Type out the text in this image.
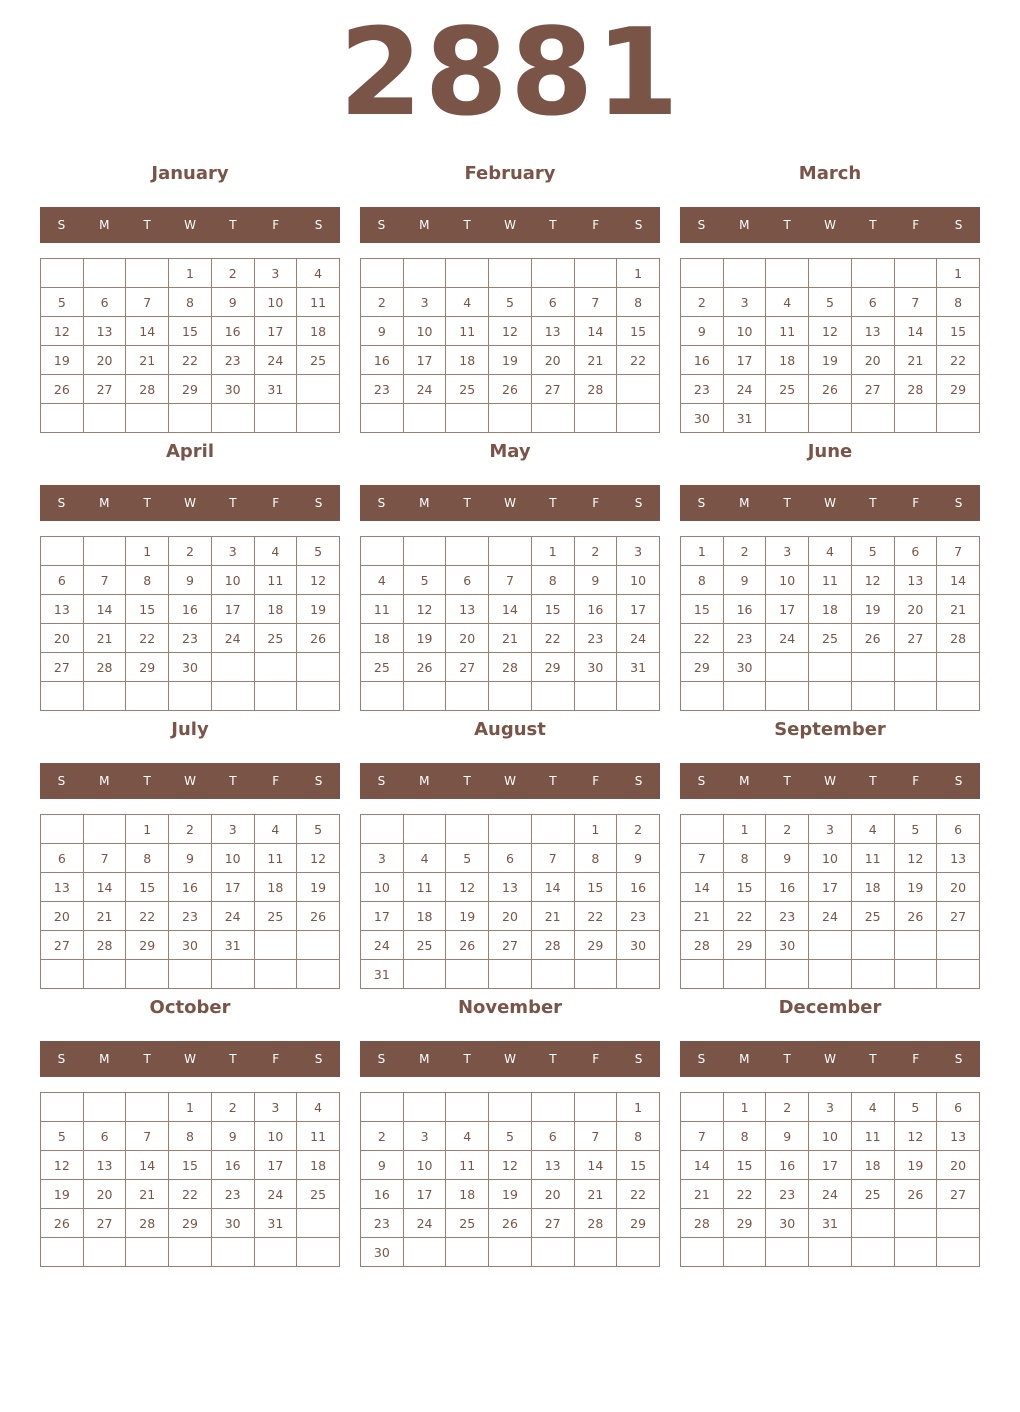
2881
January
S	M	T	W	T	F	S
			1	2	3	4
5	6	7	8	9	10	11
12	13	14	15	16	17	18
19	20	21	22	23	24	25
26	27	28	29	30	31	

February
S	M	T	W	T	F	S
						1
2	3	4	5	6	7	8
9	10	11	12	13	14	15
16	17	18	19	20	21	22
23	24	25	26	27	28	

March
S	M	T	W	T	F	S
						1
2	3	4	5	6	7	8
9	10	11	12	13	14	15
16	17	18	19	20	21	22
23	24	25	26	27	28	29
30	31					
April
S	M	T	W	T	F	S
		1	2	3	4	5
6	7	8	9	10	11	12
13	14	15	16	17	18	19
20	21	22	23	24	25	26
27	28	29	30			

May
S	M	T	W	T	F	S
				1	2	3
4	5	6	7	8	9	10
11	12	13	14	15	16	17
18	19	20	21	22	23	24
25	26	27	28	29	30	31

June
S	M	T	W	T	F	S
1	2	3	4	5	6	7
8	9	10	11	12	13	14
15	16	17	18	19	20	21
22	23	24	25	26	27	28
29	30					

July
S	M	T	W	T	F	S
		1	2	3	4	5
6	7	8	9	10	11	12
13	14	15	16	17	18	19
20	21	22	23	24	25	26
27	28	29	30	31		

August
S	M	T	W	T	F	S
					1	2
3	4	5	6	7	8	9
10	11	12	13	14	15	16
17	18	19	20	21	22	23
24	25	26	27	28	29	30
31						
September
S	M	T	W	T	F	S
	1	2	3	4	5	6
7	8	9	10	11	12	13
14	15	16	17	18	19	20
21	22	23	24	25	26	27
28	29	30				

October
S	M	T	W	T	F	S
			1	2	3	4
5	6	7	8	9	10	11
12	13	14	15	16	17	18
19	20	21	22	23	24	25
26	27	28	29	30	31	

November
S	M	T	W	T	F	S
						1
2	3	4	5	6	7	8
9	10	11	12	13	14	15
16	17	18	19	20	21	22
23	24	25	26	27	28	29
30						
December
S	M	T	W	T	F	S
	1	2	3	4	5	6
7	8	9	10	11	12	13
14	15	16	17	18	19	20
21	22	23	24	25	26	27
28	29	30	31			
